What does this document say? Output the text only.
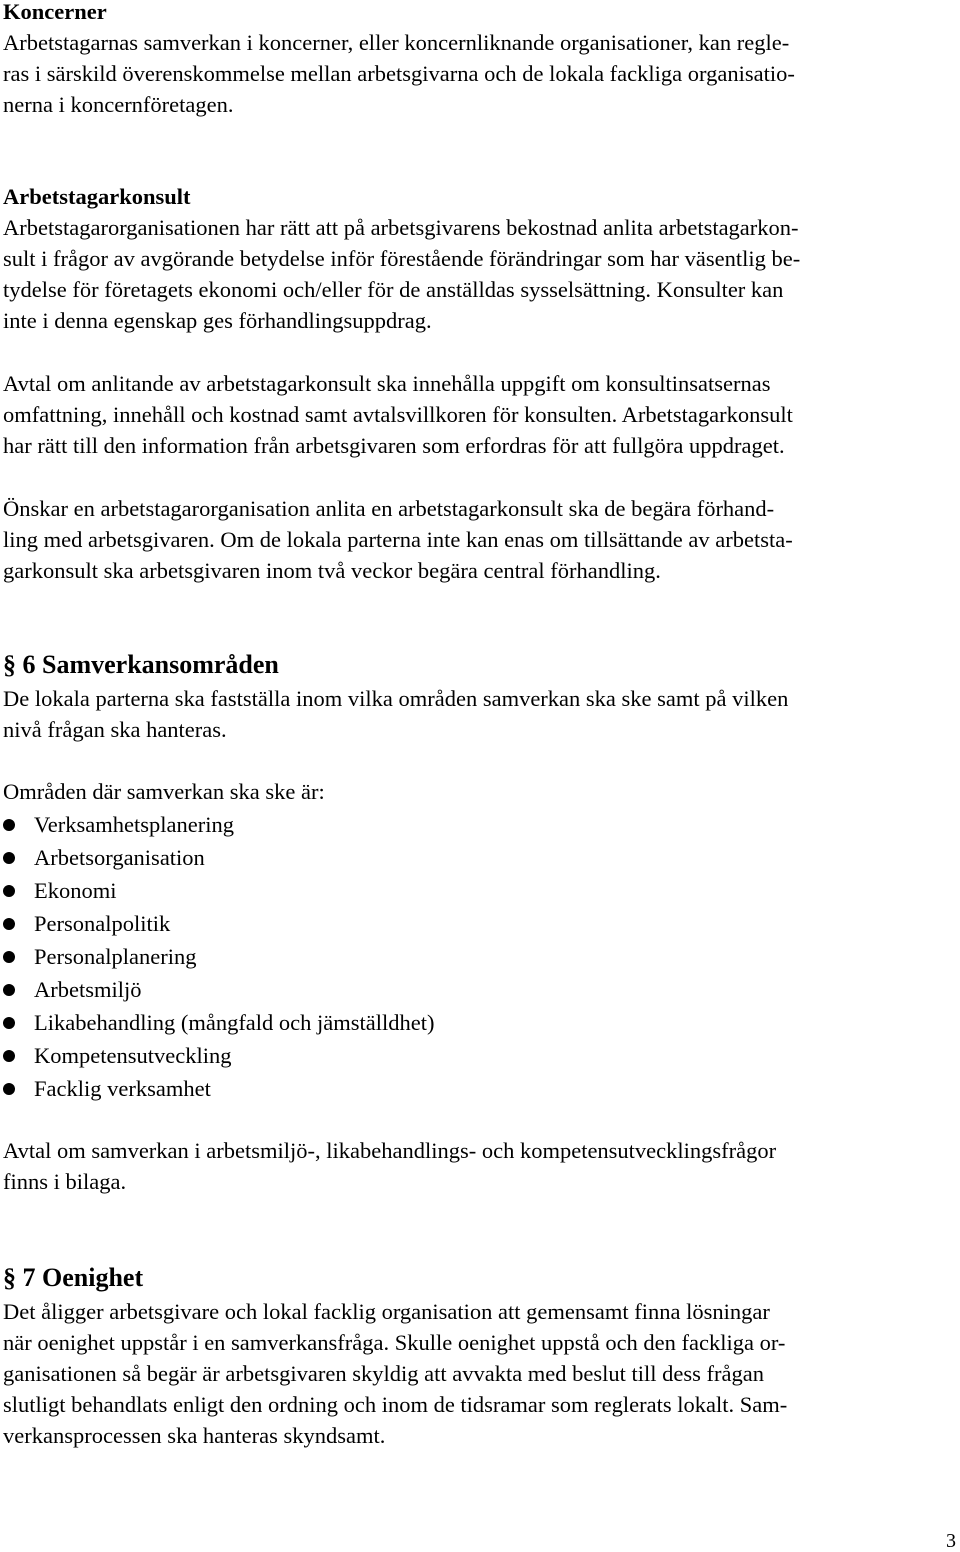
Koncerner
Arbetstagarnas samverkan i koncerner, eller koncernliknande organisationer, kan regle-
ras i särskild överenskommelse mellan arbetsgivarna och de lokala fackliga organisatio-
nerna i koncernföretagen.
Arbetstagarkonsult
Arbetstagarorganisationen har rätt att på arbetsgivarens bekostnad anlita arbetstagarkon-
sult i frågor av avgörande betydelse inför förestående förändringar som har väsentlig be-
tydelse för företagets ekonomi och/eller för de anställdas sysselsättning. Konsulter kan
inte i denna egenskap ges förhandlingsuppdrag.
Avtal om anlitande av arbetstagarkonsult ska innehålla uppgift om konsultinsatsernas
omfattning, innehåll och kostnad samt avtalsvillkoren för konsulten. Arbetstagarkonsult
har rätt till den information från arbetsgivaren som erfordras för att fullgöra uppdraget.
Önskar en arbetstagarorganisation anlita en arbetstagarkonsult ska de begära förhand-
ling med arbetsgivaren. Om de lokala parterna inte kan enas om tillsättande av arbetsta-
garkonsult ska arbetsgivaren inom två veckor begära central förhandling.
§ 6 Samverkansområden
De lokala parterna ska fastställa inom vilka områden samverkan ska ske samt på vilken
nivå frågan ska hanteras.
Områden där samverkan ska ske är:
Verksamhetsplanering
Arbetsorganisation
Ekonomi
Personalpolitik
Personalplanering
Arbetsmiljö
Likabehandling (mångfald och jämställdhet)
Kompetensutveckling
Facklig verksamhet
Avtal om samverkan i arbetsmiljö-, likabehandlings- och kompetensutvecklingsfrågor
finns i bilaga.
§ 7 Oenighet
Det åligger arbetsgivare och lokal facklig organisation att gemensamt finna lösningar
när oenighet uppstår i en samverkansfråga. Skulle oenighet uppstå och den fackliga or-
ganisationen så begär är arbetsgivaren skyldig att avvakta med beslut till dess frågan
slutligt behandlats enligt den ordning och inom de tidsramar som reglerats lokalt. Sam-
verkansprocessen ska hanteras skyndsamt.
3
